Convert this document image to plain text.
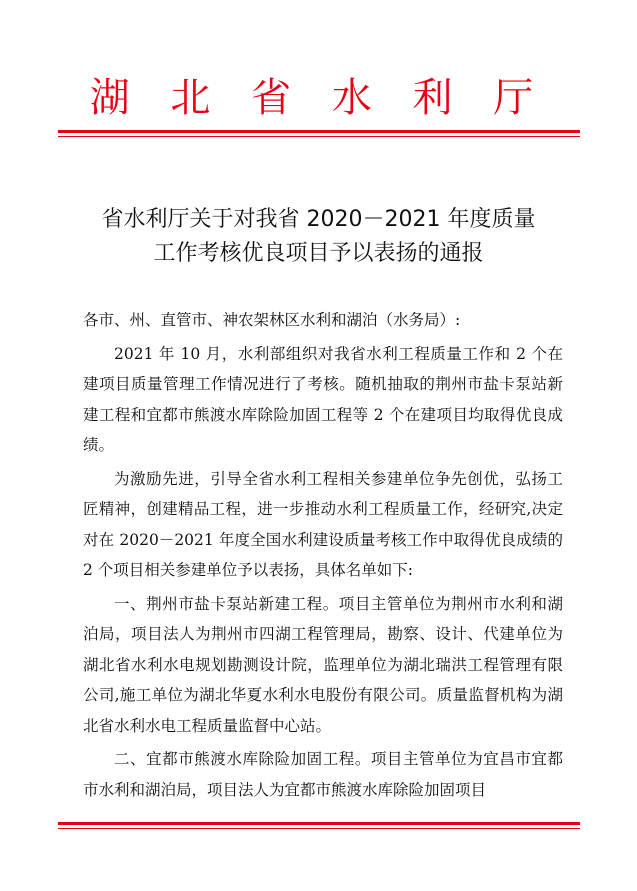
湖 北 省 水 利 厅
省水利厅关于对我省 2020－2021 年度质量
工作考核优良项目予以表扬的通报

各市、州、直管市、神农架林区水利和湖泊（水务局）:

2021 年 10 月，水利部组织对我省水利工程质量工作和 2 个在建项目质量管理工作情况进行了考核。随机抽取的荆州市盐卡泵站新建工程和宜都市熊渡水库除险加固工程等 2 个在建项目均取得优良成绩。

为激励先进，引导全省水利工程相关参建单位争先创优，弘扬工匠精神，创建精品工程，进一步推动水利工程质量工作，经研究,决定对在 2020－2021 年度全国水利建设质量考核工作中取得优良成绩的 2 个项目相关参建单位予以表扬，具体名单如下:

一、荆州市盐卡泵站新建工程。项目主管单位为荆州市水利和湖泊局，项目法人为荆州市四湖工程管理局，勘察、设计、代建单位为湖北省水利水电规划勘测设计院，监理单位为湖北瑞洪工程管理有限公司,施工单位为湖北华夏水利水电股份有限公司。质量监督机构为湖北省水利水电工程质量监督中心站。

二、宜都市熊渡水库除险加固工程。项目主管单位为宜昌市宜都市水利和湖泊局，项目法人为宜都市熊渡水库除险加固项目
